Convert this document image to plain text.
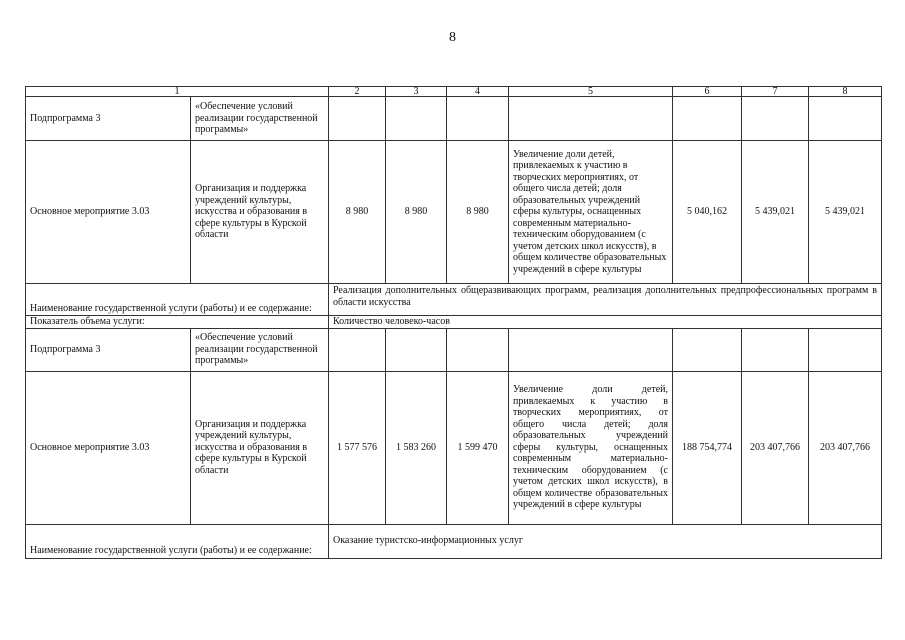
8
1		2	3	4	5	6	7	8
Подпрограмма 3	«Обеспечение условий реализации государственной программы»							
Основное мероприятие 3.03	Организация и поддержка учреждений культуры, искусства и образования в сфере культуры в Курской области	8 980	8 980	8 980	Увеличение доли детей, привлекаемых к участию в творческих мероприятиях, от общего числа детей; доля образовательных учреждений сферы культуры, оснащенных современным материально-техническим оборудованием (с учетом детских школ искусств), в общем количестве образовательных учреждений в сфере культуры	5 040,162	5 439,021	5 439,021
Наименование государственной услуги (работы) и ее содержание:		Реализация дополнительных общеразвивающих программ, реализация дополнительных предпрофессиональных программ в области искусства						
Показатель объема услуги:		Количество человеко-часов						
Подпрограмма 3	«Обеспечение условий реализации государственной программы»							
Основное мероприятие 3.03	Организация и поддержка учреждений культуры, искусства и образования в сфере культуры в Курской области	1 577 576	1 583 260	1 599 470	Увеличение доли детей, привлекаемых к участию в творческих мероприятиях, от общего числа детей; доля образовательных учреждений сферы культуры, оснащенных современным материально-техническим оборудованием (с учетом детских школ искусств), в общем количестве образовательных учреждений в сфере культуры	188 754,774	203 407,766	203 407,766
Наименование государственной услуги (работы) и ее содержание:		Оказание туристско-информационных услуг						
